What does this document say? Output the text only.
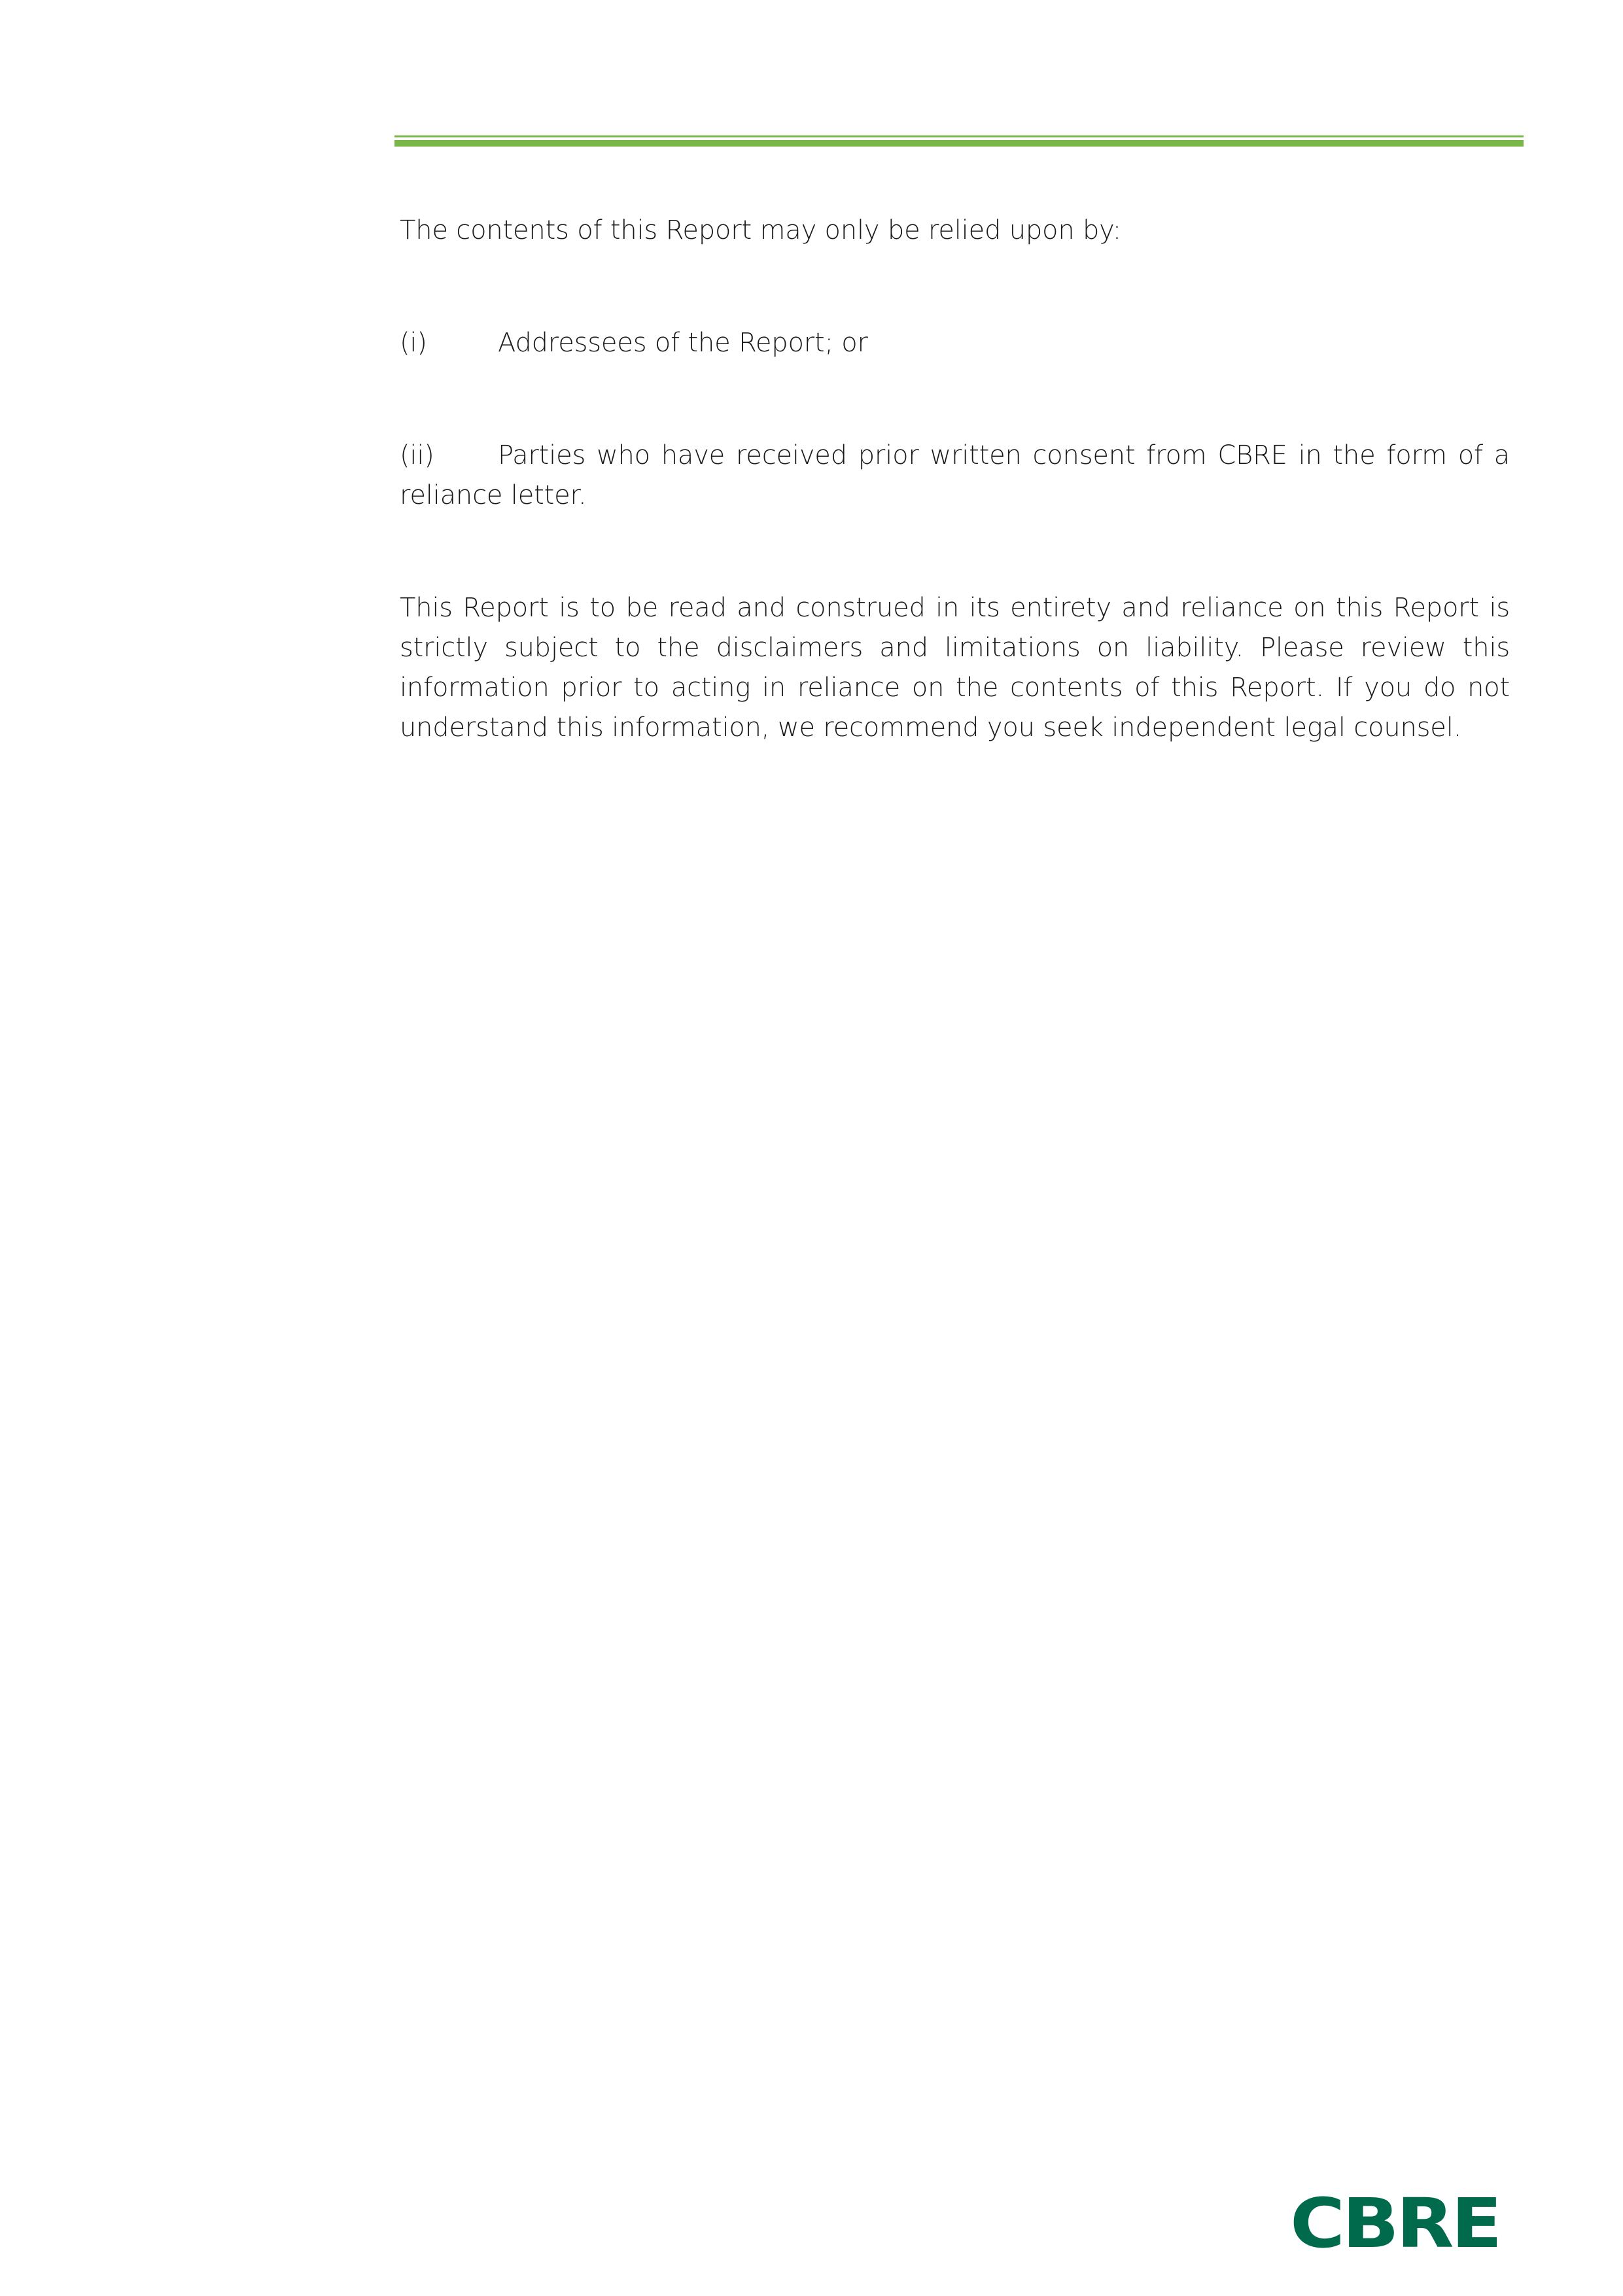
The contents of this Report may only be relied upon by:

(i)	Addressees of the Report; or

(ii) Parties who have received prior written consent from CBRE in the form of a reliance letter.

This Report is to be read and construed in its entirety and reliance on this Report is strictly subject to the disclaimers and limitations on liability. Please review this information prior to acting in reliance on the contents of this Report. If you do not understand this information, we recommend you seek independent legal counsel.

CBRE
